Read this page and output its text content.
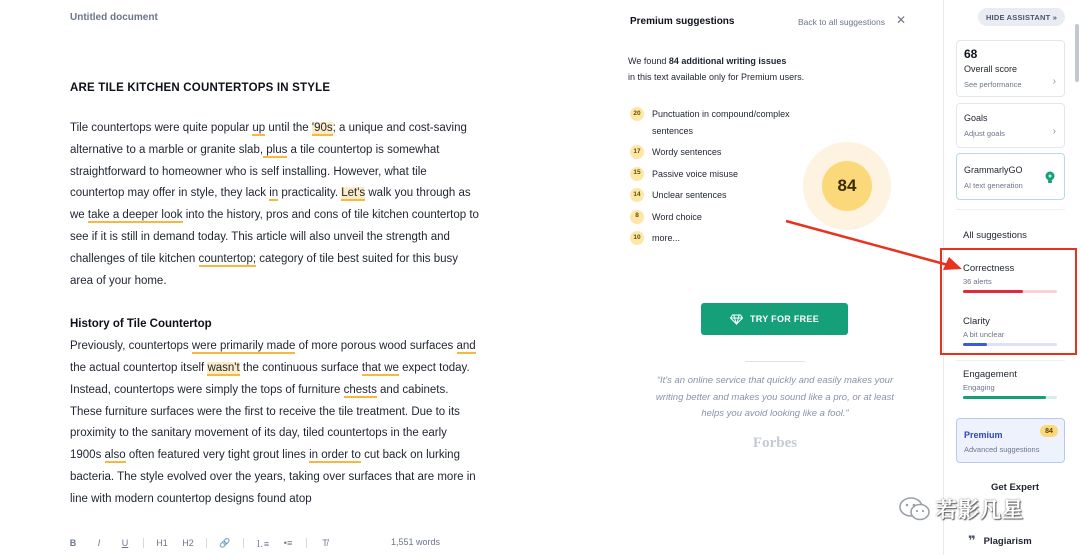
Untitled document
ARE TILE KITCHEN COUNTERTOPS IN STYLE

Tile countertops were quite popular up until the '90s; a unique and cost-saving alternative to a marble or granite slab, plus a tile countertop is somewhat straightforward to homeowner who is self installing. However, what tile countertop may offer in style, they lack in practicality. Let's walk you through as we take a deeper look into the history, pros and cons of tile kitchen countertop to see if it is still in demand today. This article will also unveil the strength and challenges of tile kitchen countertop; category of tile best suited for this busy area of your home.

History of Tile Countertop

Previously, countertops were primarily made of more porous wood surfaces and the actual countertop itself wasn't the continuous surface that we expect today. Instead, countertops were simply the tops of furniture chests and cabinets.

These furniture surfaces were the first to receive the tile treatment. Due to its proximity to the sanitary movement of its day, tiled countertops in the early 1900s also often featured very tight grout lines in order to cut back on lurking bacteria. The style evolved over the years, taking over surfaces that are more in line with modern countertop designs found atop

B	I	U	H1	H2	🔗	⒈≡	•≡	T̸	1,551 words
Premium suggestions	Back to all suggestions ✕
We found 84 additional writing issues
in this text available only for Premium users.
20	Punctuation in compound/complex sentences
17	Wordy sentences
15	Passive voice misuse
14	Unclear sentences
8	Word choice
10	more...
84
TRY FOR FREE
“It's an online service that quickly and easily makes your writing better and makes you sound like a pro, or at least helps you avoid looking like a fool.”
Forbes
HIDE ASSISTANT »
68
Overall score
See performance	›
Goals
Adjust goals	›
GrammarlyGO
AI text generation
All suggestions
Correctness
36 alerts
Clarity
A bit unclear
Engagement
Engaging
Premium
Advanced suggestions
84
Get Expert
❞ Plagiarism
若影凡星
